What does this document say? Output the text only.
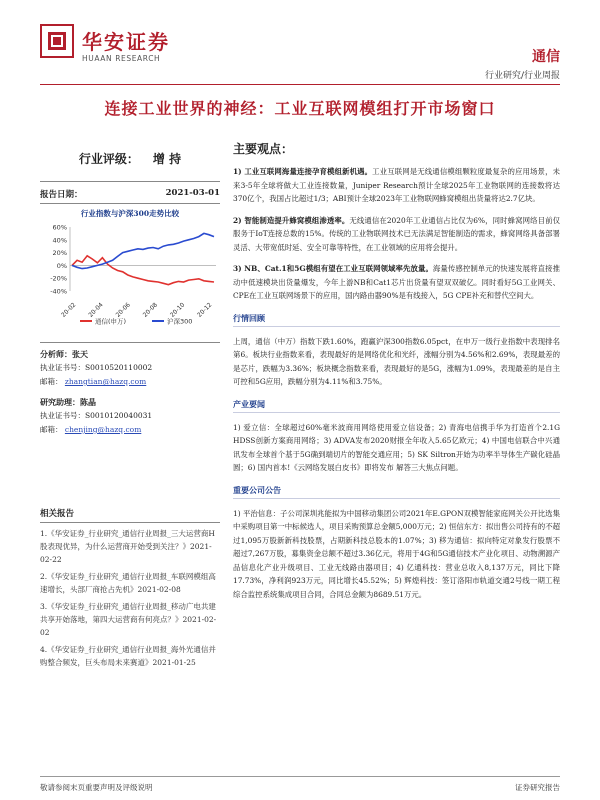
华安证券
HUAAN RESEARCH	通信
行业研究/行业周报
连接工业世界的神经：工业互联网模组打开市场窗口
行业评级： 增 持
报告日期：	2021-03-01
行业指数与沪深300走势比较
60%
40%
20%
0%
-20%
-40%
20-02 20-04 20-06 20-08 20-10 20-12
通信(申万)	沪深300
分析师：张天
执业证书号：S0010520110002
邮箱： zhangtian@hazq.com
研究助理：陈晶
执业证书号：S0010120040031
邮箱： chenjing@hazq.com
相关报告
1.《华安证券_行业研究_通信行业周报_三大运营商H股表现优异，为什么运营商开始受到关注？》2021-02-22
2.《华安证券_行业研究_通信行业周报_车联网模组高速增长，头部厂商抢占先机》2021-02-08
3.《华安证券_行业研究_通信行业周报_移动广电共建共享开始落地，第四大运营商有何亮点？》2021-02-02
4.《华安证券_行业研究_通信行业周报_海外光通信并购整合频发，巨头布局未来赛道》2021-01-25
主要观点：
1) 工业互联网海量连接孕育模组新机遇。工业互联网是无线通信模组颗粒度最复杂的应用场景，未来3-5年全球将做大工业连接数量，Juniper Research预计全球2025年工业物联网的连接数将达370亿个，我国占比超过1/3；ABI预计全球2023年工业物联网蜂窝模组出货量将达2.7亿块。
2) 智能制造提升蜂窝模组渗透率。无线通信在2020年工业通信占比仅为6%，同时蜂窝网络目前仅服务于IoT连接总数的15%。传统的工业物联网技术已无法满足智能制造的需求，蜂窝网络具备部署灵活、大带宽低时延、安全可靠等特性，在工业领域的应用将会提升。
3) NB、Cat.1和5G模组有望在工业互联网领域率先放量。海量传感控制单元的快速发展将直接推动中低速模块出货量爆发，今年上游NB和Cat1芯片出货量有望双双破亿。同时看好5G工业网关、CPE在工业互联网场景下的应用，国内路由器90%是有线接入，5G CPE补充和替代空间大。
行情回顾
上周，通信（中万）指数下跌1.60%，跑赢沪深300指数6.05pct，在申万一级行业指数中表现排名第6。板块行业指数来看，表现最好的是网络优化和光纤，涨幅分别为4.56%和2.69%，表现最差的是芯片，跌幅为3.36%；板块概念指数来看，表现最好的是5G，涨幅为1.09%，表现最差的是自主可控和5G应用，跌幅分别为4.11%和3.75%。
产业要闻
1) 爱立信：全球超过60%毫米波商用网络使用爱立信设备；2) 青海电信携手华为打造首个2.1G HDSS创新方案商用网络；3) ADVA发布2020财报全年收入5.65亿欧元；4) 中国电信联合中兴通讯发布全球首个基于5G确到端切片的智能交通应用；5) SK Siltron开始为功率半导体生产碳化硅晶圆；6) 国内首本!《云网络发展白皮书》即将发布 解答三大焦点问题。
重要公司公告
1) 平治信息：子公司深圳兆能拟为中国移动集团公司2021年E.GPON双模智能家庭网关公开比选集中采购项目第一中标候选人，项目采购预算总金额5,000万元；2) 恒信东方：拟出售公司持有的不超过1,095万股新新科技股票，占期新科技总股本的1.07%；3) 移为通信：拟向特定对象发行股票不超过7,267万股，募集资金总额不超过3.36亿元，将用于4G和5G通信技术产业化项目、动物溯源产品信息化产业升级项目、工业无线路由器项目；4) 亿通科技：营业总收入8,137万元，同比下降17.73%，净利润923万元，同比增长45.52%；5) 辉煌科技：签订洛阳市轨道交通2号线一期工程综合监控系统集成项目合同，合同总金额为8689.51万元。
敬请参阅末页重要声明及评级说明	证券研究报告
